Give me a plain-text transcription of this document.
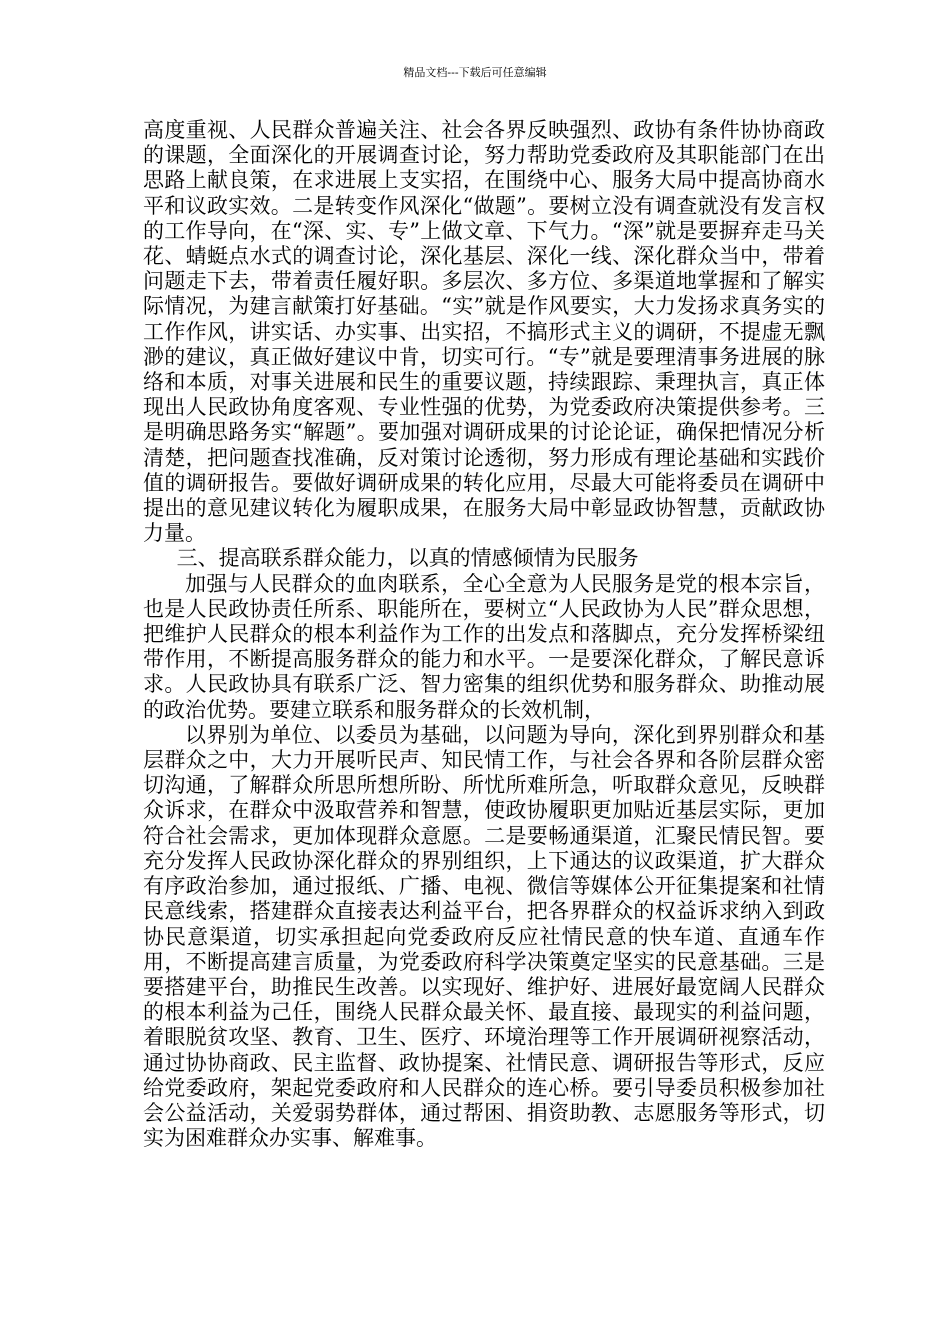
精品文档---下载后可任意编辑

高度重视、人民群众普遍关注、社会各界反映强烈、政协有条件协协商政的课题，全面深化的开展调查讨论，努力帮助党委政府及其职能部门在出思路上献良策，在求进展上支实招，在围绕中心、服务大局中提高协商水平和议政实效。二是转变作风深化“做题”。要树立没有调查就没有发言权的工作导向，在“深、实、专”上做文章、下气力。“深”就是要摒弃走马关花、蜻蜓点水式的调查讨论，深化基层、深化一线、深化群众当中，带着问题走下去，带着责任履好职。多层次、多方位、多渠道地掌握和了解实际情况，为建言献策打好基础。“实”就是作风要实，大力发扬求真务实的工作作风，讲实话、办实事、出实招，不搞形式主义的调研，不提虚无飘渺的建议，真正做好建议中肯，切实可行。“专”就是要理清事务进展的脉络和本质，对事关进展和民生的重要议题，持续跟踪、秉理执言，真正体现出人民政协角度客观、专业性强的优势，为党委政府决策提供参考。三是明确思路务实“解题”。要加强对调研成果的讨论论证，确保把情况分析清楚，把问题查找准确，反对策讨论透彻，努力形成有理论基础和实践价值的调研报告。要做好调研成果的转化应用，尽最大可能将委员在调研中提出的意见建议转化为履职成果，在服务大局中彰显政协智慧，贡献政协力量。

三、提高联系群众能力，以真的情感倾情为民服务

加强与人民群众的血肉联系，全心全意为人民服务是党的根本宗旨，也是人民政协责任所系、职能所在，要树立“人民政协为人民”群众思想，把维护人民群众的根本利益作为工作的出发点和落脚点，充分发挥桥梁纽带作用，不断提高服务群众的能力和水平。一是要深化群众，了解民意诉求。人民政协具有联系广泛、智力密集的组织优势和服务群众、助推动展的政治优势。要建立联系和服务群众的长效机制，

以界别为单位、以委员为基础，以问题为导向，深化到界别群众和基层群众之中，大力开展听民声、知民情工作，与社会各界和各阶层群众密切沟通，了解群众所思所想所盼、所忧所难所急，听取群众意见，反映群众诉求，在群众中汲取营养和智慧，使政协履职更加贴近基层实际，更加符合社会需求，更加体现群众意愿。二是要畅通渠道，汇聚民情民智。要充分发挥人民政协深化群众的界别组织，上下通达的议政渠道，扩大群众有序政治参加，通过报纸、广播、电视、微信等媒体公开征集提案和社情民意线索，搭建群众直接表达利益平台，把各界群众的权益诉求纳入到政协民意渠道，切实承担起向党委政府反应社情民意的快车道、直通车作用，不断提高建言质量，为党委政府科学决策奠定坚实的民意基础。三是要搭建平台，助推民生改善。以实现好、维护好、进展好最宽阔人民群众的根本利益为己任，围绕人民群众最关怀、最直接、最现实的利益问题，着眼脱贫攻坚、教育、卫生、医疗、环境治理等工作开展调研视察活动，通过协协商政、民主监督、政协提案、社情民意、调研报告等形式，反应给党委政府，架起党委政府和人民群众的连心桥。要引导委员积极参加社会公益活动，关爱弱势群体，通过帮困、捐资助教、志愿服务等形式，切实为困难群众办实事、解难事。
